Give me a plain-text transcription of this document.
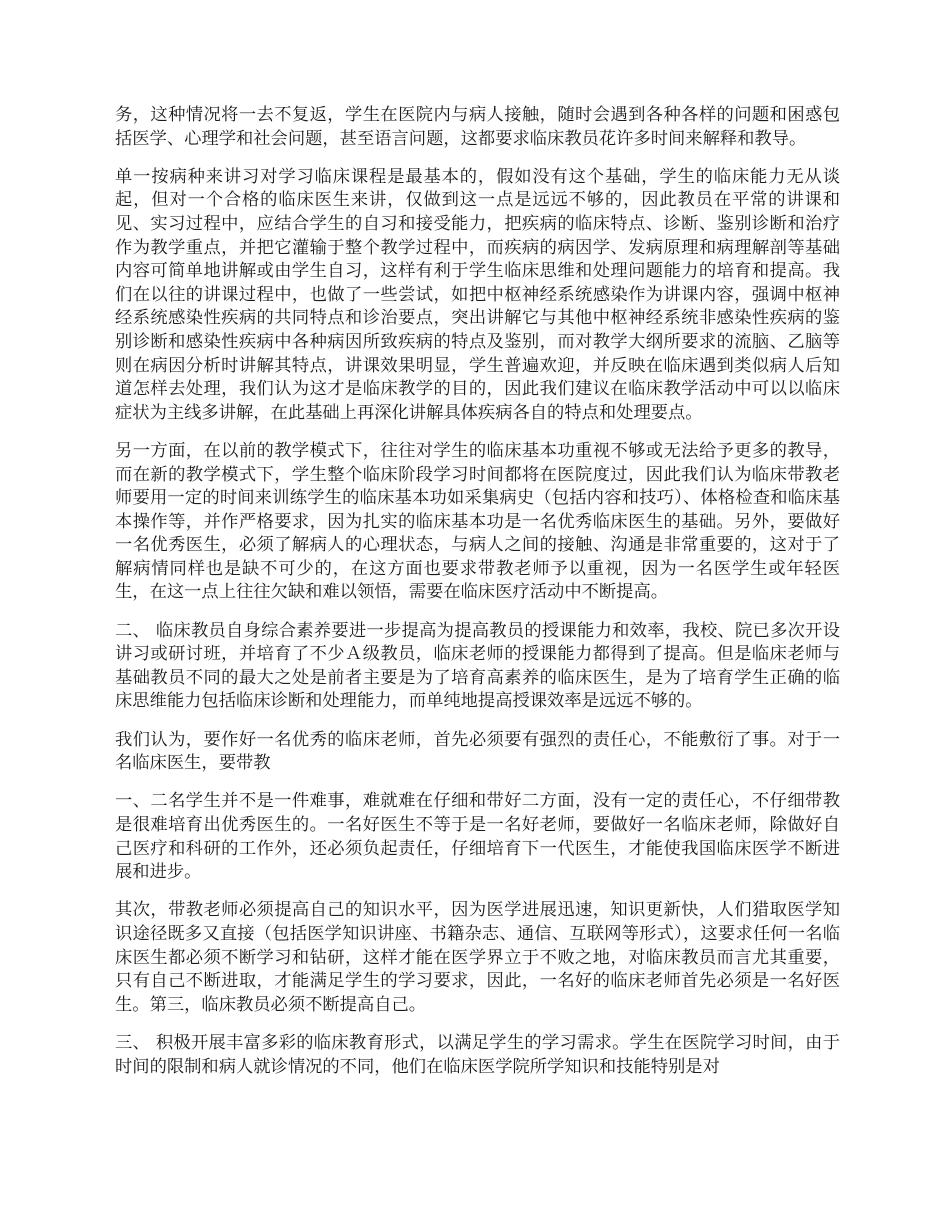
务，这种情况将一去不复返，学生在医院内与病人接触，随时会遇到各种各样的问题和困惑包括医学、心理学和社会问题，甚至语言问题，这都要求临床教员花许多时间来解释和教导。

单一按病种来讲习对学习临床课程是最基本的，假如没有这个基础，学生的临床能力无从谈起，但对一个合格的临床医生来讲，仅做到这一点是远远不够的，因此教员在平常的讲课和见、实习过程中，应结合学生的自习和接受能力，把疾病的临床特点、诊断、鉴别诊断和治疗作为教学重点，并把它灌输于整个教学过程中，而疾病的病因学、发病原理和病理解剖等基础内容可简单地讲解或由学生自习，这样有利于学生临床思维和处理问题能力的培育和提高。我们在以往的讲课过程中，也做了一些尝试，如把中枢神经系统感染作为讲课内容，强调中枢神经系统感染性疾病的共同特点和诊治要点，突出讲解它与其他中枢神经系统非感染性疾病的鉴别诊断和感染性疾病中各种病因所致疾病的特点及鉴别，而对教学大纲所要求的流脑、乙脑等则在病因分析时讲解其特点，讲课效果明显，学生普遍欢迎，并反映在临床遇到类似病人后知道怎样去处理，我们认为这才是临床教学的目的，因此我们建议在临床教学活动中可以以临床症状为主线多讲解，在此基础上再深化讲解具体疾病各自的特点和处理要点。

另一方面，在以前的教学模式下，往往对学生的临床基本功重视不够或无法给予更多的教导，而在新的教学模式下，学生整个临床阶段学习时间都将在医院度过，因此我们认为临床带教老师要用一定的时间来训练学生的临床基本功如采集病史（包括内容和技巧）、体格检查和临床基本操作等，并作严格要求，因为扎实的临床基本功是一名优秀临床医生的基础。另外，要做好一名优秀医生，必须了解病人的心理状态，与病人之间的接触、沟通是非常重要的，这对于了解病情同样也是缺不可少的，在这方面也要求带教老师予以重视，因为一名医学生或年轻医生，在这一点上往往欠缺和难以领悟，需要在临床医疗活动中不断提高。

二、 临床教员自身综合素养要进一步提高为提高教员的授课能力和效率，我校、院已多次开设讲习或研讨班，并培育了不少Ａ级教员，临床老师的授课能力都得到了提高。但是临床老师与基础教员不同的最大之处是前者主要是为了培育高素养的临床医生，是为了培育学生正确的临床思维能力包括临床诊断和处理能力，而单纯地提高授课效率是远远不够的。

我们认为，要作好一名优秀的临床老师，首先必须要有强烈的责任心，不能敷衍了事。对于一名临床医生，要带教

一、二名学生并不是一件难事，难就难在仔细和带好二方面，没有一定的责任心，不仔细带教是很难培育出优秀医生的。一名好医生不等于是一名好老师，要做好一名临床老师，除做好自己医疗和科研的工作外，还必须负起责任，仔细培育下一代医生，才能使我国临床医学不断进展和进步。

其次，带教老师必须提高自己的知识水平，因为医学进展迅速，知识更新快，人们猎取医学知识途径既多又直接（包括医学知识讲座、书籍杂志、通信、互联网等形式），这要求任何一名临床医生都必须不断学习和钻研，这样才能在医学界立于不败之地，对临床教员而言尤其重要，只有自己不断进取，才能满足学生的学习要求，因此，一名好的临床老师首先必须是一名好医生。第三，临床教员必须不断提高自己。

三、 积极开展丰富多彩的临床教育形式，以满足学生的学习需求。学生在医院学习时间，由于时间的限制和病人就诊情况的不同，他们在临床医学院所学知识和技能特别是对
